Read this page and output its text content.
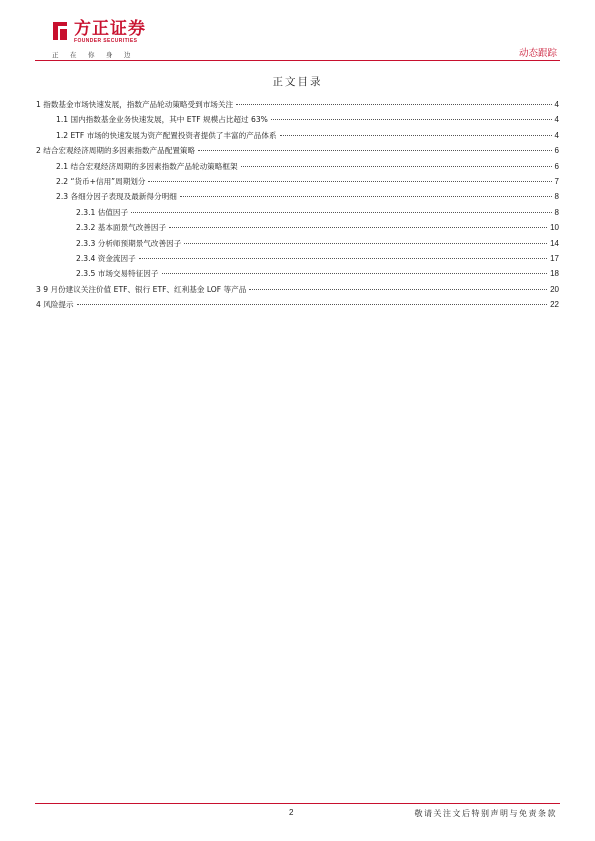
方正证券
FOUNDER SECURITIES
正在你身边	动态跟踪
正文目录
1 指数基金市场快速发展，指数产品轮动策略受到市场关注	4
1.1 国内指数基金业务快速发展，其中 ETF 规模占比超过 63%	4
1.2 ETF 市场的快速发展为资产配置投资者提供了丰富的产品体系	4
2 结合宏观经济周期的多因素指数产品配置策略	6
2.1 结合宏观经济周期的多因素指数产品轮动策略框架	6
2.2 “货币+信用”周期划分	7
2.3 各细分因子表现及最新得分明细	8
2.3.1 估值因子	8
2.3.2 基本面景气改善因子	10
2.3.3 分析师预期景气改善因子	14
2.3.4 资金流因子	17
2.3.5 市场交易特征因子	18
3 9 月份建议关注价值 ETF、银行 ETF、红利基金 LOF 等产品	20
4 风险提示	22
2	敬请关注文后特别声明与免责条款
